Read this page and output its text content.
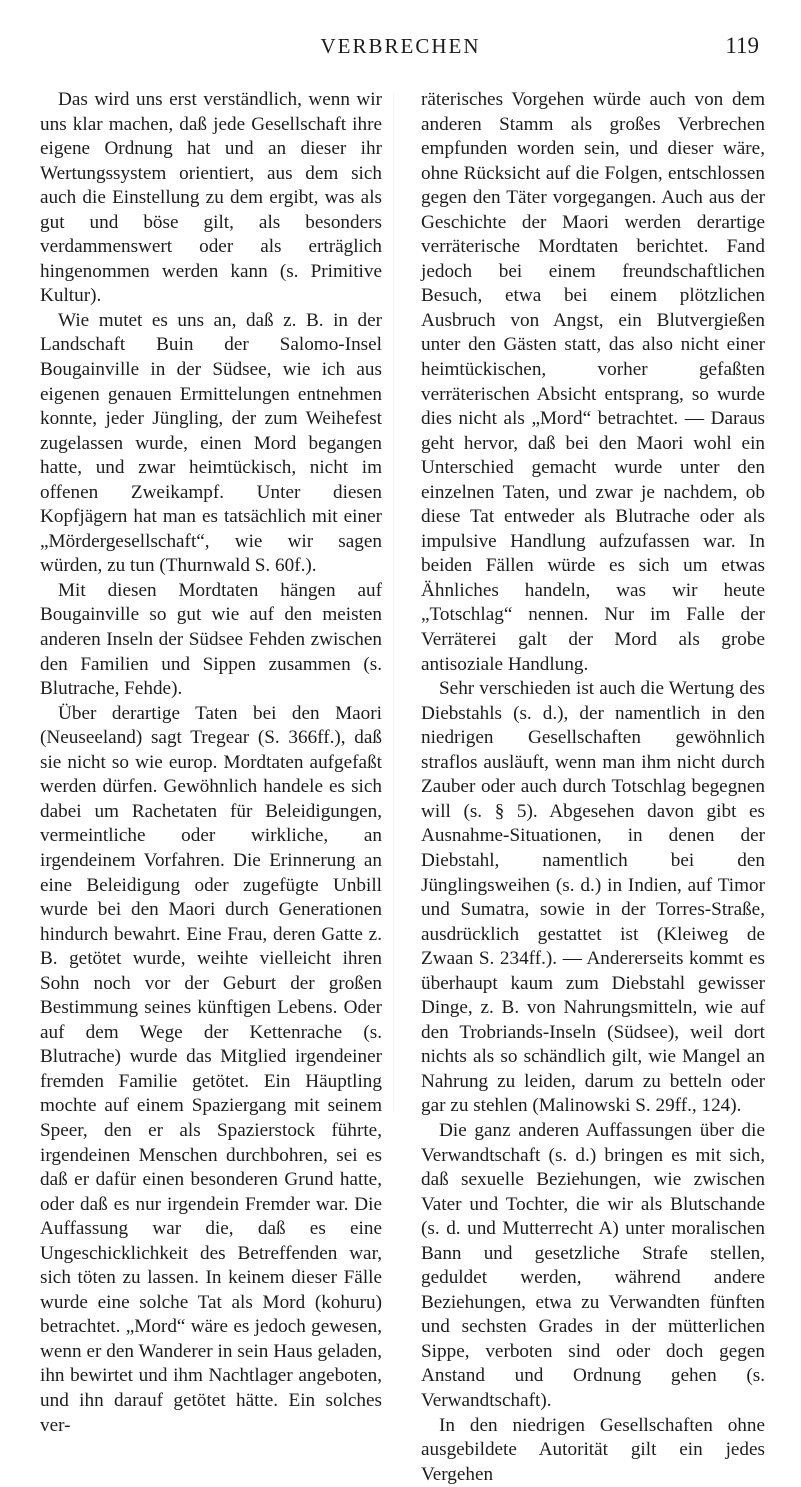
VERBRECHEN	119

Das wird uns erst verständlich, wenn wir uns klar machen, daß jede Gesellschaft ihre eigene Ordnung hat und an dieser ihr Wertungssystem orientiert, aus dem sich auch die Einstellung zu dem ergibt, was als gut und böse gilt, als besonders verdammenswert oder als erträglich hingenommen werden kann (s. Primitive Kultur).

Wie mutet es uns an, daß z. B. in der Landschaft Buin der Salomo-Insel Bougainville in der Südsee, wie ich aus eigenen genauen Ermittelungen entnehmen konnte, jeder Jüngling, der zum Weihefest zugelassen wurde, einen Mord begangen hatte, und zwar heimtückisch, nicht im offenen Zweikampf. Unter diesen Kopfjägern hat man es tatsächlich mit einer „Mördergesellschaft“, wie wir sagen würden, zu tun (Thurnwald S. 60f.).

Mit diesen Mordtaten hängen auf Bougainville so gut wie auf den meisten anderen Inseln der Südsee Fehden zwischen den Familien und Sippen zusammen (s. Blutrache, Fehde).

Über derartige Taten bei den Maori (Neuseeland) sagt Tregear (S. 366ff.), daß sie nicht so wie europ. Mordtaten aufgefaßt werden dürfen. Gewöhnlich handele es sich dabei um Rachetaten für Beleidigungen, vermeintliche oder wirkliche, an irgendeinem Vorfahren. Die Erinnerung an eine Beleidigung oder zugefügte Unbill wurde bei den Maori durch Generationen hindurch bewahrt. Eine Frau, deren Gatte z. B. getötet wurde, weihte vielleicht ihren Sohn noch vor der Geburt der großen Bestimmung seines künftigen Lebens. Oder auf dem Wege der Kettenrache (s. Blutrache) wurde das Mitglied irgendeiner fremden Familie getötet. Ein Häuptling mochte auf einem Spaziergang mit seinem Speer, den er als Spazierstock führte, irgendeinen Menschen durchbohren, sei es daß er dafür einen besonderen Grund hatte, oder daß es nur irgendein Fremder war. Die Auffassung war die, daß es eine Ungeschicklichkeit des Betreffenden war, sich töten zu lassen. In keinem dieser Fälle wurde eine solche Tat als Mord (kohuru) betrachtet. „Mord“ wäre es jedoch gewesen, wenn er den Wanderer in sein Haus geladen, ihn bewirtet und ihm Nachtlager angeboten, und ihn darauf getötet hätte. Ein solches ver-

räterisches Vorgehen würde auch von dem anderen Stamm als großes Verbrechen empfunden worden sein, und dieser wäre, ohne Rücksicht auf die Folgen, entschlossen gegen den Täter vorgegangen. Auch aus der Geschichte der Maori werden derartige verräterische Mordtaten berichtet. Fand jedoch bei einem freundschaftlichen Besuch, etwa bei einem plötzlichen Ausbruch von Angst, ein Blutvergießen unter den Gästen statt, das also nicht einer heimtückischen, vorher gefaßten verräterischen Absicht entsprang, so wurde dies nicht als „Mord“ betrachtet. — Daraus geht hervor, daß bei den Maori wohl ein Unterschied gemacht wurde unter den einzelnen Taten, und zwar je nachdem, ob diese Tat entweder als Blutrache oder als impulsive Handlung aufzufassen war. In beiden Fällen würde es sich um etwas Ähnliches handeln, was wir heute „Totschlag“ nennen. Nur im Falle der Verräterei galt der Mord als grobe antisoziale Handlung.

Sehr verschieden ist auch die Wertung des Diebstahls (s. d.), der namentlich in den niedrigen Gesellschaften gewöhnlich straflos ausläuft, wenn man ihm nicht durch Zauber oder auch durch Totschlag begegnen will (s. § 5). Abgesehen davon gibt es Ausnahme-Situationen, in denen der Diebstahl, namentlich bei den Jünglingsweihen (s. d.) in Indien, auf Timor und Sumatra, sowie in der Torres-Straße, ausdrücklich gestattet ist (Kleiweg de Zwaan S. 234ff.). — Andererseits kommt es überhaupt kaum zum Diebstahl gewisser Dinge, z. B. von Nahrungsmitteln, wie auf den Trobriands-Inseln (Südsee), weil dort nichts als so schändlich gilt, wie Mangel an Nahrung zu leiden, darum zu betteln oder gar zu stehlen (Malinowski S. 29ff., 124).

Die ganz anderen Auffassungen über die Verwandtschaft (s. d.) bringen es mit sich, daß sexuelle Beziehungen, wie zwischen Vater und Tochter, die wir als Blutschande (s. d. und Mutterrecht A) unter moralischen Bann und gesetzliche Strafe stellen, geduldet werden, während andere Beziehungen, etwa zu Verwandten fünften und sechsten Grades in der mütterlichen Sippe, verboten sind oder doch gegen Anstand und Ordnung gehen (s. Verwandtschaft).

In den niedrigen Gesellschaften ohne ausgebildete Autorität gilt ein jedes Vergehen
